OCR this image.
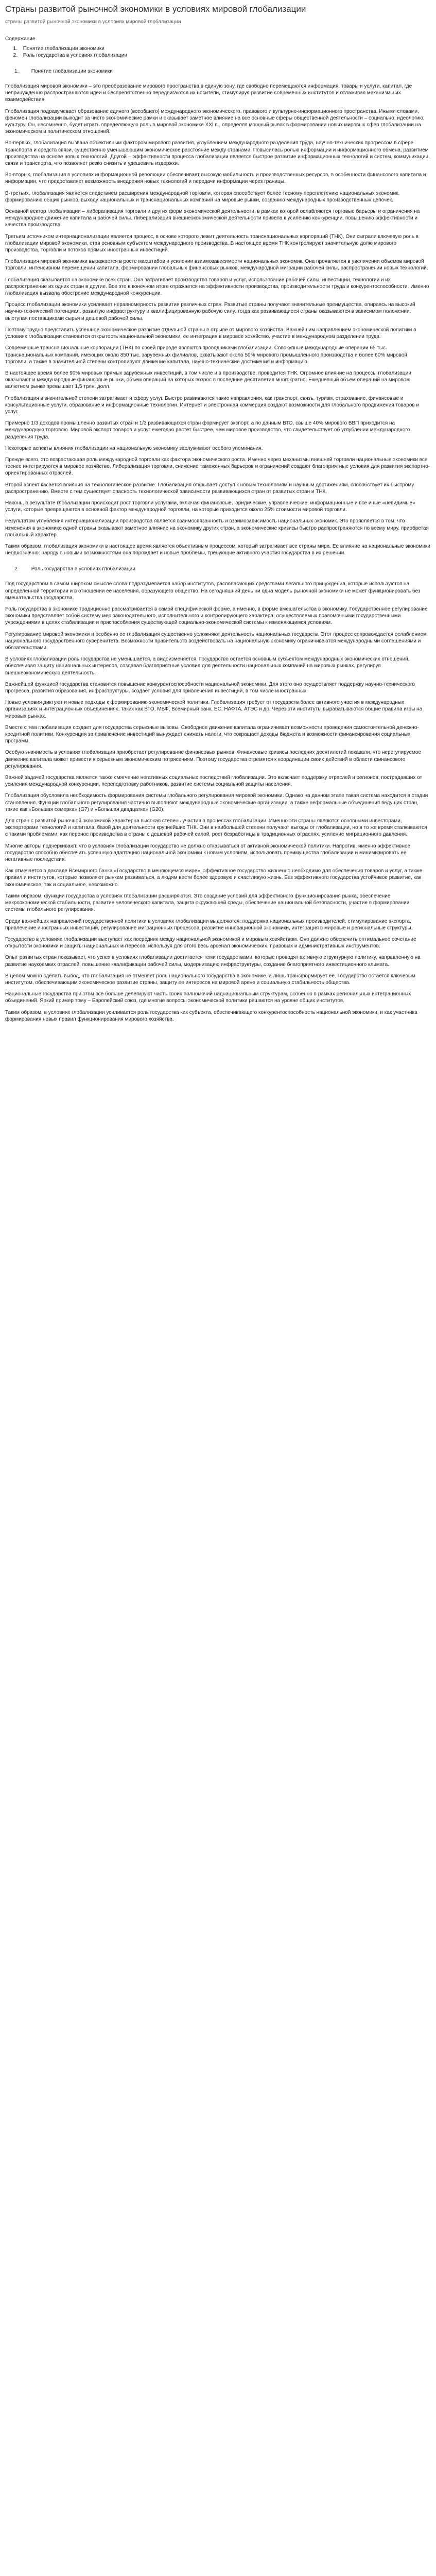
Страны развитой рыночной экономики в условиях мировой глобализации

страны развитой рыночной экономики в условиях мировой глобализации

Содержание

1. Понятие глобализации экономики
2. Роль государства в условиях глобализации
1. Понятие глобализации экономики

Глобализация мировой экономики – это преобразование мирового пространства в единую зону, где свободно перемещаются информация, товары и услуги, капитал, где непринужденно распространяются идеи и беспрепятственно передвигаются их носители, стимулируя развитие современных институтов и отлаживая механизмы их взаимодействия.

Глобализация подразумевает образование единого (всеобщего) международного экономического, правового и культурно-информационного пространства. Иными словами, феномен глобализации выходит за чисто экономические рамки и оказывает заметное влияние на все основные сферы общественной деятельности – социально, идеологию, культуру. Он, несомненно, будет играть определяющую роль в мировой экономике XXI в., определяя мощный рывок в формировании новых мировых сфер глобализации на экономическом и политическом отношений.

Во-первых, глобализация вызвана объективным фактором мирового развития, углублением международного разделения труда, научно-технических прогрессом в сфере транспорта и средств связи, существенно уменьшающим экономическое расстояние между странами. Повысилась ролью информации и информационного обмена, развитием производства на основе новых технологий. Другой – эффективности процесса глобализации является быстрое развитие информационных технологий и систем, коммуникации, связи и транспорта, что позволяет резко снизить и удешевить издержки.

Во-вторых, глобализация в условиях информационной революции обеспечивает высокую мобильность и производственных ресурсов, в особенности финансового капитала и информации, что предоставляет возможность внедрения новых технологий и передачи информации через границы.

В-третьих, глобализация является следствием расширения международной торговли, которая способствует более тесному переплетению национальных экономик, формированию общих рынков, выходу национальных и транснациональных компаний на мировые рынки, созданию международных производственных цепочек.

Основной вектор глобализации – либерализация торговли и других форм экономической деятельности, в рамках которой ослабляются торговые барьеры и ограничения на международное движение капитала и рабочей силы. Либерализация внешнеэкономической деятельности привела к усилению конкуренции, повышению эффективности и качества производства.

Третьим источником интернационализации является процесс, в основе которого лежит деятельность транснациональных корпораций (ТНК). Они сыграли ключевую роль в глобализации мировой экономики, став основным субъектом международного производства. В настоящее время ТНК контролируют значительную долю мирового производства, торговли и потоков прямых иностранных инвестиций.

Глобализация мировой экономики выражается в росте масштабов и усилении взаимозависимости национальных экономик. Она проявляется в увеличении объемов мировой торговли, интенсивном перемещении капитала, формировании глобальных финансовых рынков, международной миграции рабочей силы, распространении новых технологий.

Глобализация сказывается на экономике всех стран. Она затрагивает производство товаров и услуг, использование рабочей силы, инвестиции, технологии и их распространение из одних стран в другие. Все это в конечном итоге отражается на эффективности производства, производительности труда и конкурентоспособности. Именно глобализация вызвала обострение международной конкуренции.

Процесс глобализации экономики усиливает неравномерность развития различных стран. Развитые страны получают значительные преимущества, опираясь на высокий научно-технический потенциал, развитую инфраструктуру и квалифицированную рабочую силу, тогда как развивающиеся страны оказываются в зависимом положении, выступая поставщиками сырья и дешевой рабочей силы.

Поэтому трудно представить успешное экономическое развитие отдельной страны в отрыве от мирового хозяйства. Важнейшим направлением экономической политики в условиях глобализации становится открытость национальной экономики, ее интеграция в мировое хозяйство, участие в международном разделении труда.

Современные транснациональные корпорации (ТНК) по своей природе являются проводниками глобализации. Совокупные международные операции 65 тыс. транснациональных компаний, имеющих около 850 тыс. зарубежных филиалов, охватывают около 50% мирового промышленного производства и более 60% мировой торговли, а также в значительной степени контролируют движение капитала, научно-технические достижения и информацию.

В настоящее время более 90% мировых прямых зарубежных инвестиций, в том числе и в производстве, проводится ТНК. Огромное влияние на процессы глобализации оказывают и международные финансовые рынки, объем операций на которых возрос в последние десятилетия многократно. Ежедневный объем операций на мировом валютном рынке превышает 1,5 трлн. долл.

Глобализация в значительной степени затрагивает и сферу услуг. Быстро развиваются такие направления, как транспорт, связь, туризм, страхование, финансовые и консультационные услуги, образование и информационные технологии. Интернет и электронная коммерция создают возможности для глобального продвижения товаров и услуг.

Примерно 1/3 доходов промышленно развитых стран и 1/3 развивающихся стран формирует экспорт, а по данным ВТО, свыше 40% мирового ВВП приходится на международную торговлю. Мировой экспорт товаров и услуг ежегодно растет быстрее, чем мировое производство, что свидетельствует об углублении международного разделения труда.

Некоторые аспекты влияния глобализации на национальную экономику заслуживают особого упоминания.

Прежде всего, это возрастающая роль международной торговли как фактора экономического роста. Именно через механизмы внешней торговли национальные экономики все теснее интегрируются в мировое хозяйство. Либерализация торговли, снижение таможенных барьеров и ограничений создают благоприятные условия для развития экспортно-ориентированных отраслей.

Второй аспект касается влияния на технологическое развитие. Глобализация открывает доступ к новым технологиям и научным достижениям, способствует их быстрому распространению. Вместе с тем существует опасность технологической зависимости развивающихся стран от развитых стран и ТНК.

Наконь, в результате глобализации происходит рост торговли услугами, включая финансовые, юридические, управленческие, информационные и все иные «невидимые» услуги, которые превращаются в основной фактор международной торговли, на которые приходится около 25% стоимости мировой торговли.

Результатом углубления интернационализации производства является взаимосвязанность и взаимозависимость национальных экономик. Это проявляется в том, что изменения в экономике одной страны оказывают заметное влияние на экономику других стран, а экономические кризисы быстро распространяются по всему миру, приобретая глобальный характер.

Таким образом, глобализация экономики в настоящее время является объективным процессом, который затрагивает все страны мира. Ее влияние на национальные экономики неоднозначно: наряду с новыми возможностями она порождает и новые проблемы, требующие активного участия государства в их решении.

2. Роль государства в условиях глобализации

Под государством в самом широком смысле слова подразумевается набор институтов, располагающих средствами легального принуждения, которые используются на определенной территории и в отношении ее населения, образующего общество. На сегодняшний день ни одна модель рыночной экономики не может функционировать без вмешательства государства.

Роль государства в экономике традиционно рассматривается в самой специфической форме, а именно, в форме вмешательства в экономику. Государственное регулирование экономики представляет собой систему мер законодательного, исполнительного и контролирующего характера, осуществляемых правомочными государственными учреждениями в целях стабилизации и приспособления существующей социально-экономической системы к изменяющимся условиям.

Регулирование мировой экономики и особенно ее глобализация существенно усложняют деятельность национальных государств. Этот процесс сопровождается ослаблением национального государственного суверенитета. Возможности правительств воздействовать на национальную экономику ограничиваются международными соглашениями и обязательствами.

В условиях глобализации роль государства не уменьшается, а видоизменяется. Государство остается основным субъектом международных экономических отношений, обеспечивая защиту национальных интересов, создавая благоприятные условия для деятельности национальных компаний на мировых рынках, регулируя внешнеэкономическую деятельность.

Важнейшей функцией государства становится повышение конкурентоспособности национальной экономики. Для этого оно осуществляет поддержку научно-технического прогресса, развития образования, инфраструктуры, создает условия для привлечения инвестиций, в том числе иностранных.

Новые условия диктуют и новые подходы к формированию экономической политики. Глобализация требует от государств более активного участия в международных организациях и интеграционных объединениях, таких как ВТО, МВФ, Всемирный банк, ЕС, НАФТА, АТЭС и др. Через эти институты вырабатываются общие правила игры на мировых рынках.

Вместе с тем глобализация создает для государства серьезные вызовы. Свободное движение капитала ограничивает возможности проведения самостоятельной денежно-кредитной политики. Конкуренция за привлечение инвестиций вынуждает снижать налоги, что сокращает доходы бюджета и возможности финансирования социальных программ.

Особую значимость в условиях глобализации приобретает регулирование финансовых рынков. Финансовые кризисы последних десятилетий показали, что нерегулируемое движение капитала может привести к серьезным экономическим потрясениям. Поэтому государства стремятся к координации своих действий в области финансового регулирования.

Важной задачей государства является также смягчение негативных социальных последствий глобализации. Это включает поддержку отраслей и регионов, пострадавших от усиления международной конкуренции, переподготовку работников, развитие системы социальной защиты населения.

Глобализация обусловила необходимость формирования системы глобального регулирования мировой экономики. Однако на данном этапе такая система находится в стадии становления. Функции глобального регулирования частично выполняют международные экономические организации, а также неформальные объединения ведущих стран, такие как «Большая семерка» (G7) и «Большая двадцатка» (G20).

Для стран с развитой рыночной экономикой характерна высокая степень участия в процессах глобализации. Именно эти страны являются основными инвесторами, экспортерами технологий и капитала, базой для деятельности крупнейших ТНК. Они в наибольшей степени получают выгоды от глобализации, но в то же время сталкиваются с такими проблемами, как перенос производства в страны с дешевой рабочей силой, рост безработицы в традиционных отраслях, усиление миграционного давления.

Многие авторы подчеркивают, что в условиях глобализации государство не должно отказываться от активной экономической политики. Напротив, именно эффективное государство способно обеспечить успешную адаптацию национальной экономики к новым условиям, использовать преимущества глобализации и минимизировать ее негативные последствия.

Как отмечается в докладе Всемирного банка «Государство в меняющемся мире», эффективное государство жизненно необходимо для обеспечения товаров и услуг, а также правил и институтов, которые позволяют рынкам развиваться, а людям вести более здоровую и счастливую жизнь. Без эффективного государства устойчивое развитие, как экономическое, так и социальное, невозможно.

Таким образом, функции государства в условиях глобализации расширяются. Это создание условий для эффективного функционирования рынка, обеспечение макроэкономической стабильности, развитие человеческого капитала, защита окружающей среды, обеспечение национальной безопасности, участие в формировании системы глобального регулирования.

Среди важнейших направлений государственной политики в условиях глобализации выделяются: поддержка национальных производителей, стимулирование экспорта, привлечение иностранных инвестиций, регулирование миграционных процессов, развитие инновационной экономики, интеграция в мировые и региональные структуры.

Государство в условиях глобализации выступает как посредник между национальной экономикой и мировым хозяйством. Оно должно обеспечить оптимальное сочетание открытости экономики и защиты национальных интересов, используя для этого весь арсенал экономических, правовых и административных инструментов.

Опыт развитых стран показывает, что успех в условиях глобализации достигается теми государствами, которые проводят активную структурную политику, направленную на развитие наукоемких отраслей, повышение квалификации рабочей силы, модернизацию инфраструктуры, создание благоприятного инвестиционного климата.

В целом можно сделать вывод, что глобализация не отменяет роль национального государства в экономике, а лишь трансформирует ее. Государство остается ключевым институтом, обеспечивающим экономическое развитие страны, защиту ее интересов на мировой арене и социальную стабильность общества.

Национальные государства при этом все больше делегируют часть своих полномочий наднациональным структурам, особенно в рамках региональных интеграционных объединений. Яркий пример тому – Европейский союз, где многие вопросы экономической политики решаются на уровне общих институтов.

Таким образом, в условиях глобализации усиливается роль государства как субъекта, обеспечивающего конкурентоспособность национальной экономики, и как участника формирования новых правил функционирования мирового хозяйства.
